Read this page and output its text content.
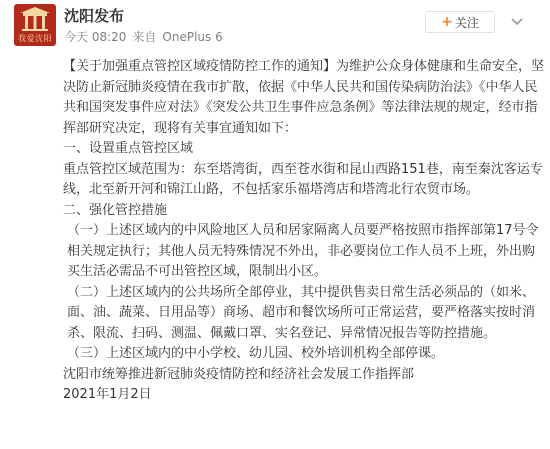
我爱沈阳
沈阳发布
今天 08:20 来自 OnePlus 6
+ 关注

【关于加强重点管控区域疫情防控工作的通知】为维护公众身体健康和生命安全，坚决防止新冠肺炎疫情在我市扩散，依据《中华人民共和国传染病防治法》《中华人民共和国突发事件应对法》《突发公共卫生事件应急条例》等法律法规的规定，经市指挥部研究决定，现将有关事宜通知如下：

一、设置重点管控区域

重点管控区域范围为：东至塔湾街，西至苍水街和昆山西路151巷，南至秦沈客运专线，北至新开河和锦江山路，不包括家乐福塔湾店和塔湾北行农贸市场。

二、强化管控措施

（一）上述区域内的中风险地区人员和居家隔离人员要严格按照市指挥部第17号令相关规定执行；其他人员无特殊情况不外出，非必要岗位工作人员不上班，外出购买生活必需品不可出管控区域，限制出小区。

（二）上述区域内的公共场所全部停业，其中提供售卖日常生活必须品的（如米、面、油、蔬菜、日用品等）商场、超市和餐饮场所可正常运营，要严格落实按时消杀、限流、扫码、测温、佩戴口罩、实名登记、异常情况报告等防控措施。

（三）上述区域内的中小学校、幼儿园、校外培训机构全部停课。

沈阳市统筹推进新冠肺炎疫情防控和经济社会发展工作指挥部

2021年1月2日
